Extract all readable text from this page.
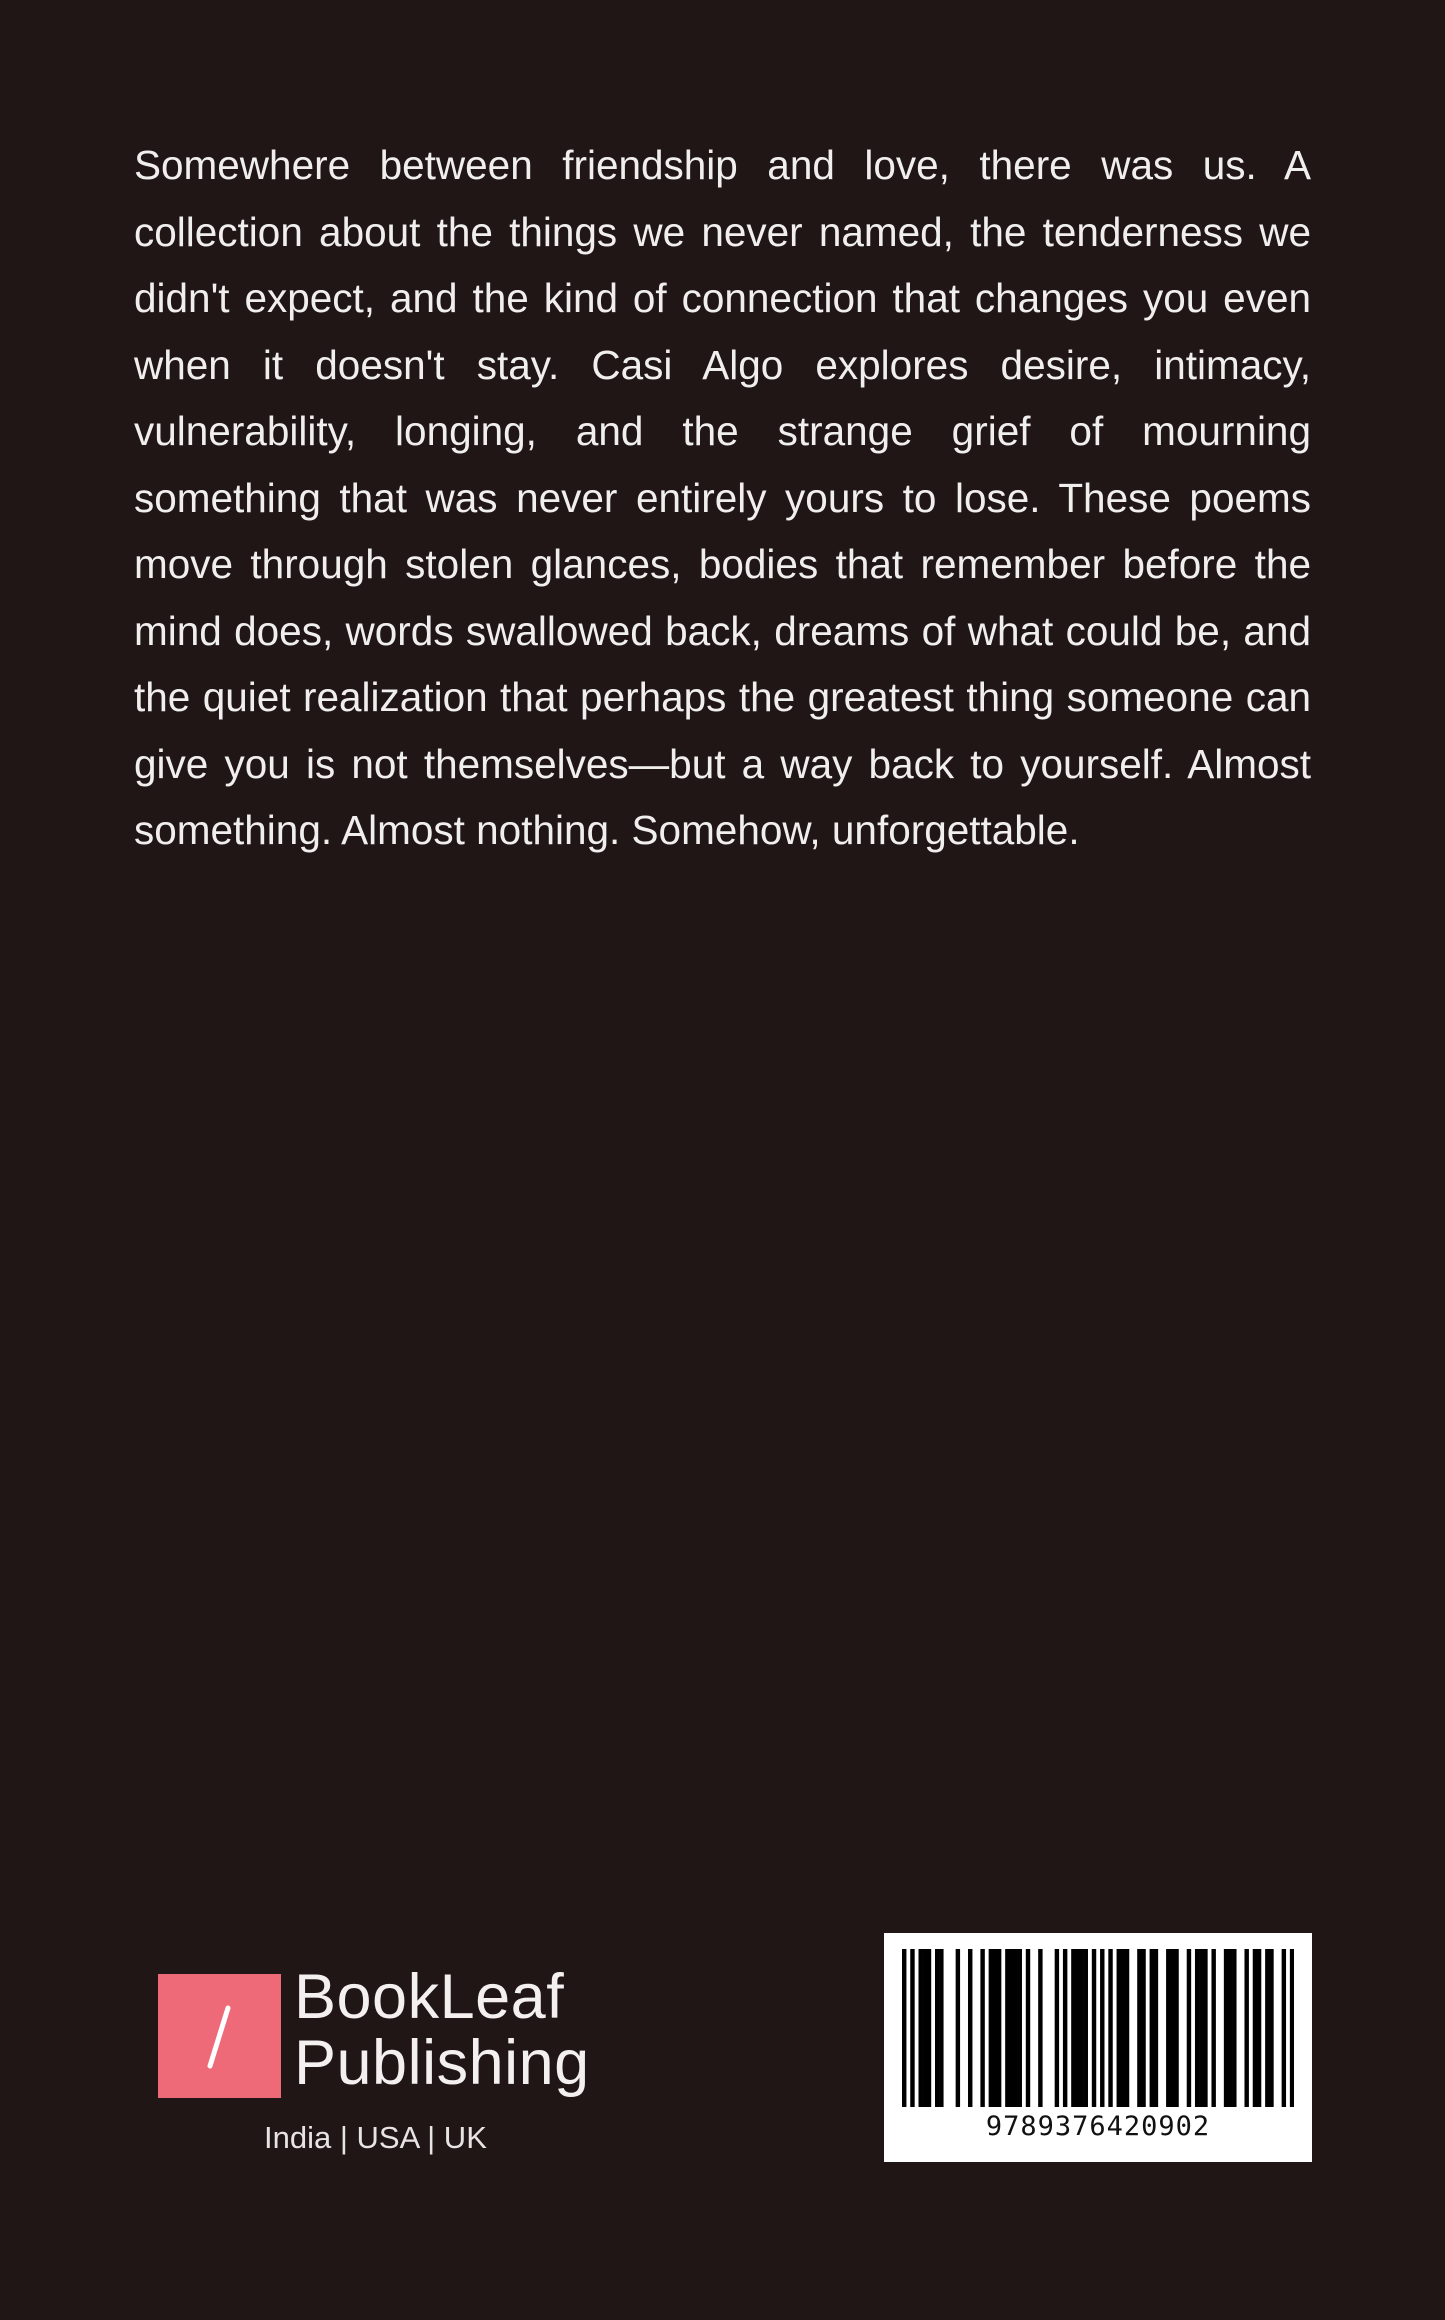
Somewhere between friendship and love, there was us. A collection about the things we never named, the tenderness we didn't expect, and the kind of connection that changes you even when it doesn't stay. Casi Algo explores desire, intimacy, vulnerability, longing, and the strange grief of mourning something that was never entirely yours to lose. These poems move through stolen glances, bodies that remember before the mind does, words swallowed back, dreams of what could be, and the quiet realization that perhaps the greatest thing someone can give you is not themselves—but a way back to yourself. Almost something. Almost nothing. Somehow, unforgettable.

BookLeaf
Publishing
India | USA | UK	9789376420902
